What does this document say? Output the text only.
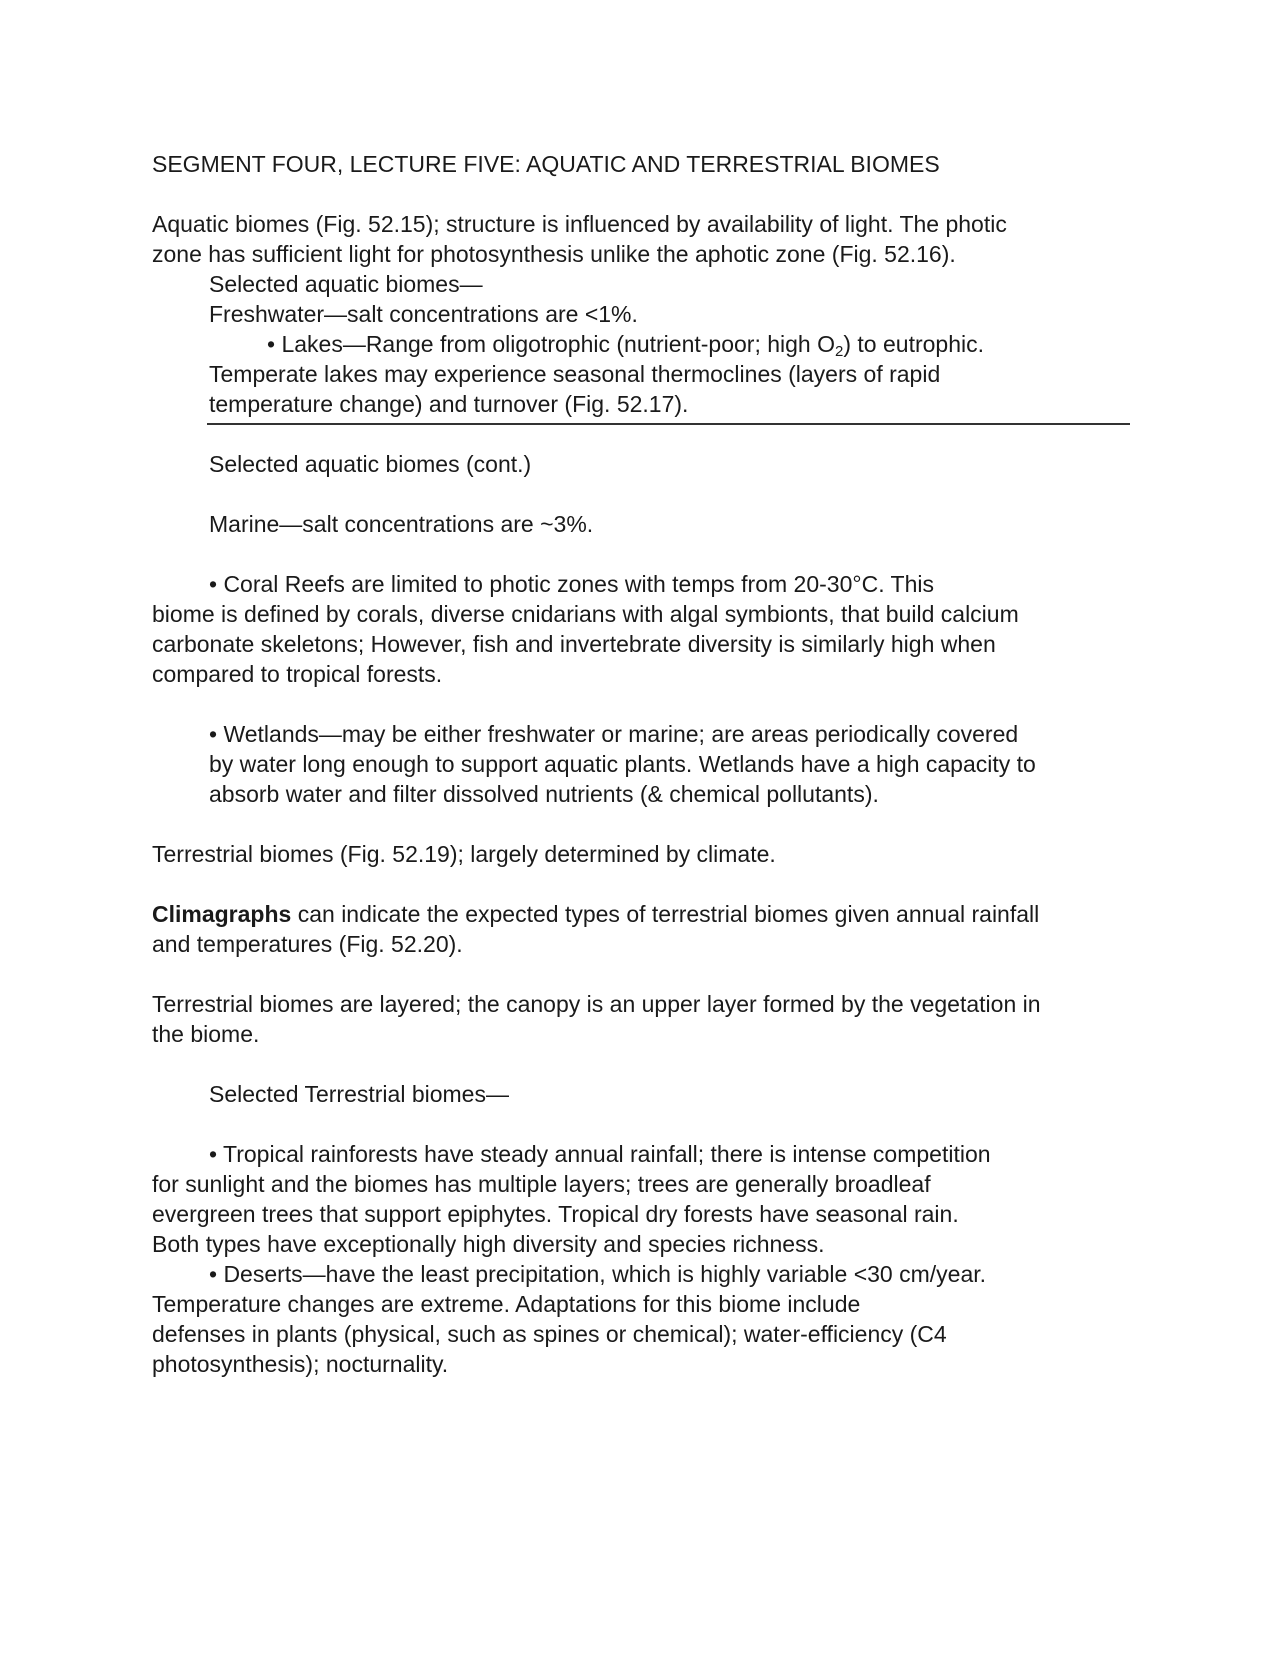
SEGMENT FOUR, LECTURE FIVE: AQUATIC AND TERRESTRIAL BIOMES
Aquatic biomes (Fig. 52.15); structure is influenced by availability of light. The photic
zone has sufficient light for photosynthesis unlike the aphotic zone (Fig. 52.16).
Selected aquatic biomes—
Freshwater—salt concentrations are <1%.
• Lakes—Range from oligotrophic (nutrient-poor; high $O_2$) to eutrophic.
Temperate lakes may experience seasonal thermoclines (layers of rapid
temperature change) and turnover (Fig. 52.17).
Selected aquatic biomes (cont.)
Marine—salt concentrations are ~3%.
• Coral Reefs are limited to photic zones with temps from 20-30°C. This
biome is defined by corals, diverse cnidarians with algal symbionts, that build calcium
carbonate skeletons; However, fish and invertebrate diversity is similarly high when
compared to tropical forests.
• Wetlands—may be either freshwater or marine; are areas periodically covered
by water long enough to support aquatic plants. Wetlands have a high capacity to
absorb water and filter dissolved nutrients (& chemical pollutants).
Terrestrial biomes (Fig. 52.19); largely determined by climate.
Climagraphs can indicate the expected types of terrestrial biomes given annual rainfall
and temperatures (Fig. 52.20).
Terrestrial biomes are layered; the canopy is an upper layer formed by the vegetation in
the biome.
Selected Terrestrial biomes—
• Tropical rainforests have steady annual rainfall; there is intense competition
for sunlight and the biomes has multiple layers; trees are generally broadleaf
evergreen trees that support epiphytes. Tropical dry forests have seasonal rain.
Both types have exceptionally high diversity and species richness.
• Deserts—have the least precipitation, which is highly variable <30 cm/year.
Temperature changes are extreme. Adaptations for this biome include
defenses in plants (physical, such as spines or chemical); water-efficiency (C4
photosynthesis); nocturnality.
